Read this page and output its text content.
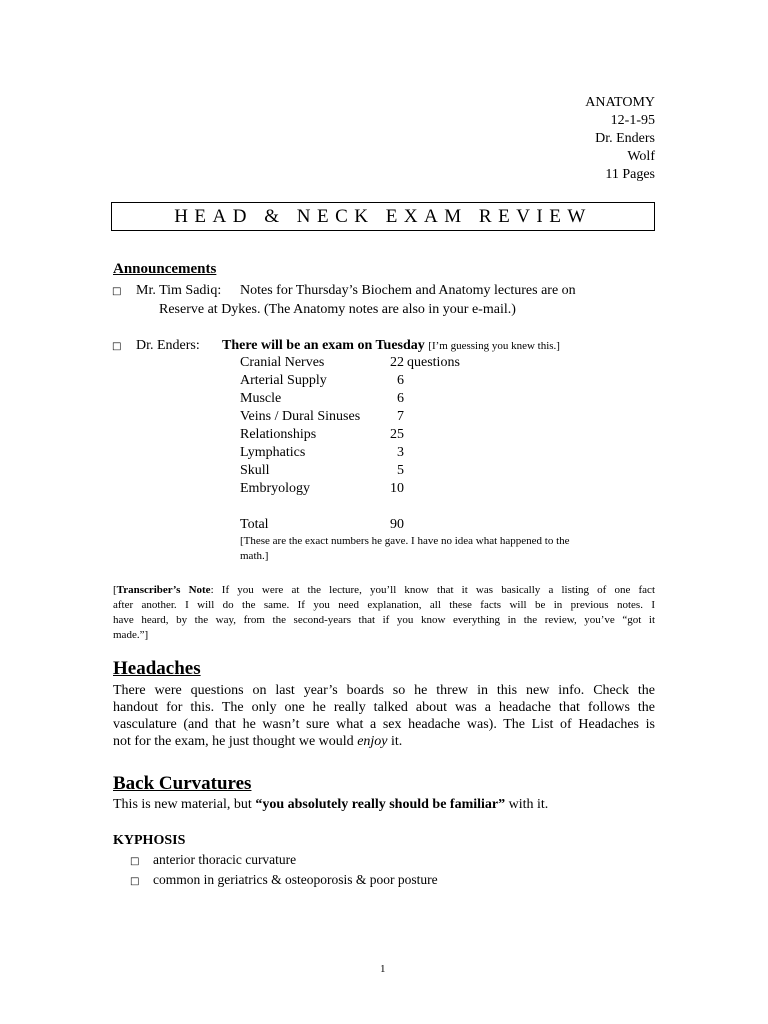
ANATOMY
12-1-95
Dr. Enders
Wolf
11 Pages
HEAD & NECK EXAM REVIEW
Announcements
□ Mr. Tim Sadiq: Notes for Thursday’s Biochem and Anatomy lectures are on
Reserve at Dykes. (The Anatomy notes are also in your e-mail.)
□ Dr. Enders: There will be an exam on Tuesday [I’m guessing you knew this.]
Cranial Nerves	22 questions
Arterial Supply	6
Muscle	6
Veins / Dural Sinuses	7
Relationships	25
Lymphatics	3
Skull	5
Embryology	10
Total	90
[These are the exact numbers he gave. I have no idea what happened to the
math.]
[Transcriber’s Note: If you were at the lecture, you’ll know that it was basically a listing of one fact
after another. I will do the same. If you need explanation, all these facts will be in previous notes. I
have heard, by the way, from the second-years that if you know everything in the review, you’ve “got it
made.”]
Headaches
There were questions on last year’s boards so he threw in this new info. Check the
handout for this. The only one he really talked about was a headache that follows the
vasculature (and that he wasn’t sure what a sex headache was). The List of Headaches is
not for the exam, he just thought we would enjoy it.
Back Curvatures
This is new material, but “you absolutely really should be familiar” with it.
KYPHOSIS
□ anterior thoracic curvature
□ common in geriatrics & osteoporosis & poor posture
1
